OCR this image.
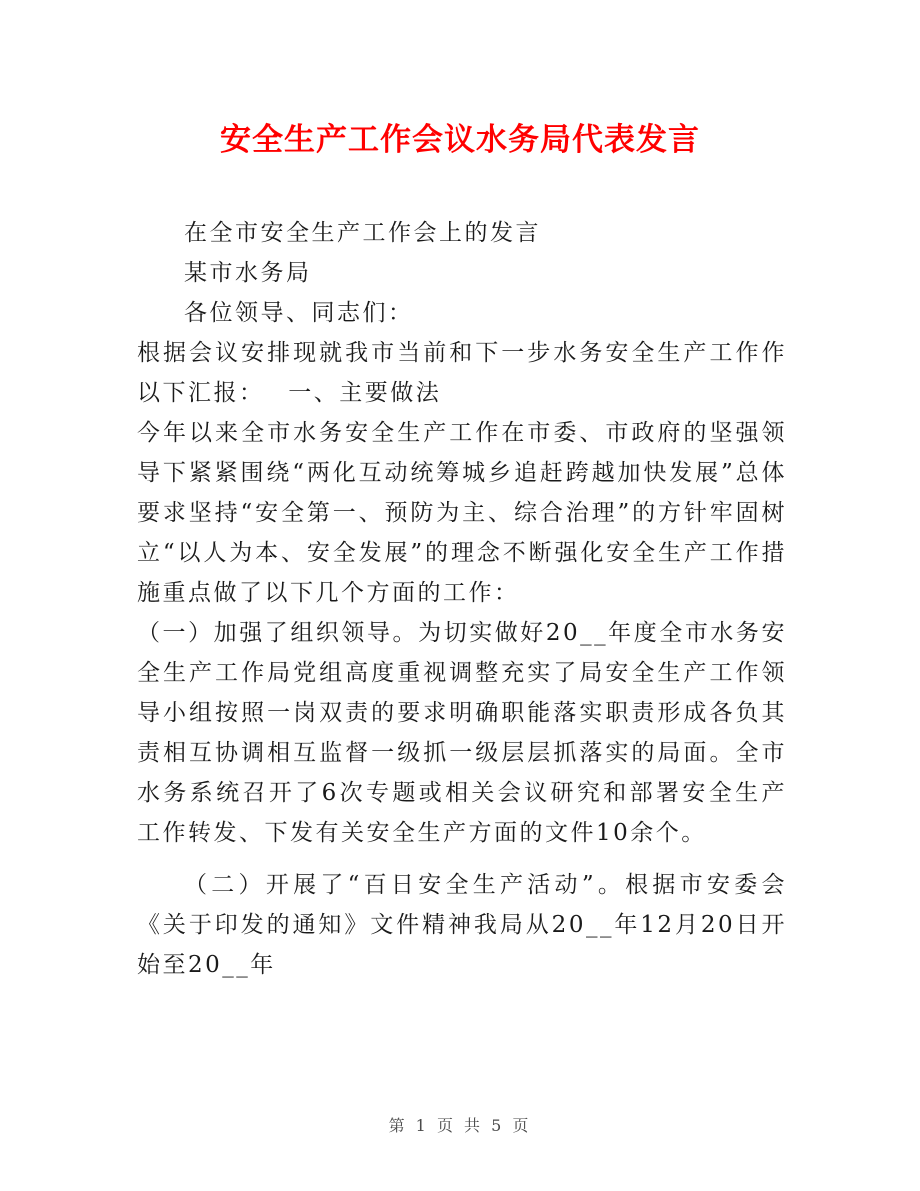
安全生产工作会议水务局代表发言

在全市安全生产工作会上的发言

某市水务局

各位领导、同志们：

根据会议安排现就我市当前和下一步水务安全生产工作作以下汇报：　 一、主要做法

今年以来全市水务安全生产工作在市委、市政府的坚强领导下紧紧围绕“两化互动统筹城乡追赶跨越加快发展”总体要求坚持“安全第一、预防为主、综合治理”的方针牢固树立“以人为本、安全发展”的理念不断强化安全生产工作措施重点做了以下几个方面的工作：

（一）加强了组织领导。为切实做好20__年度全市水务安全生产工作局党组高度重视调整充实了局安全生产工作领导小组按照一岗双责的要求明确职能落实职责形成各负其责相互协调相互监督一级抓一级层层抓落实的局面。全市水务系统召开了6次专题或相关会议研究和部署安全生产工作转发、下发有关安全生产方面的文件10余个。

（二）开展了“百日安全生产活动”。根据市安委会《关于印发的通知》文件精神我局从20__年12月20日开始至20__年

第 1 页 共 5 页
